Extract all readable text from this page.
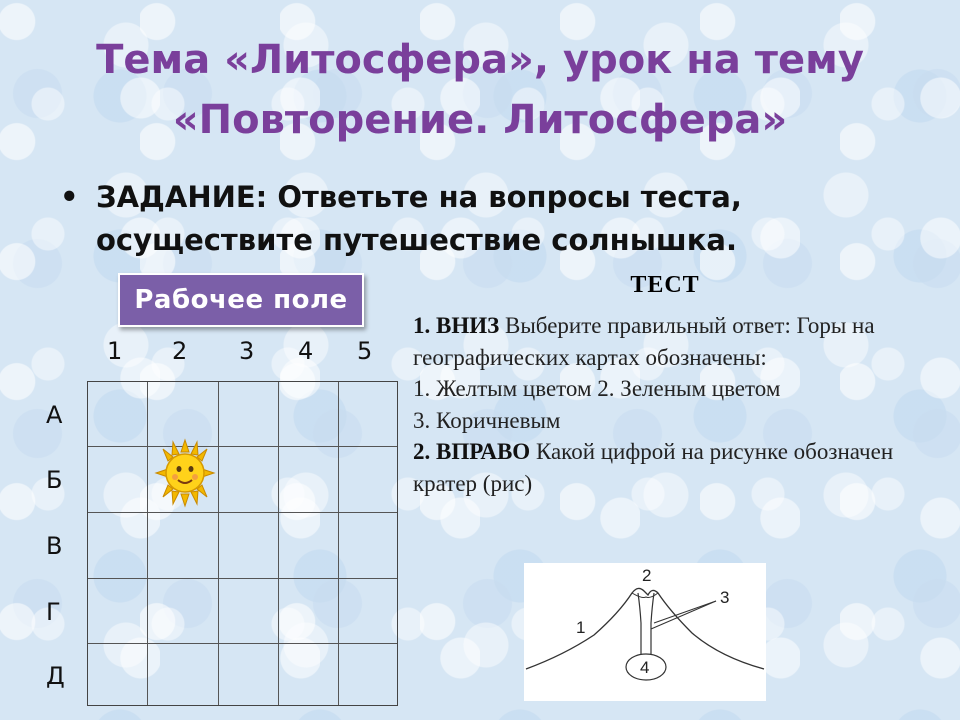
Тема «Литосфера», урок на тему
«Повторение. Литосфера»
• ЗАДАНИЕ: Ответьте на вопросы теста,
осуществите путешествие солнышка.
Рабочее поле
1 2 3 4 5
А
Б
В
Г
Д
ТЕСТ

1. ВНИЗ Выберите правильный ответ: Горы на географических картах обозначены:

1. Желтым цветом 2. Зеленым цветом

3. Коричневым

2. ВПРАВО Какой цифрой на рисунке обозначен кратер (рис)

2
3
1
4
